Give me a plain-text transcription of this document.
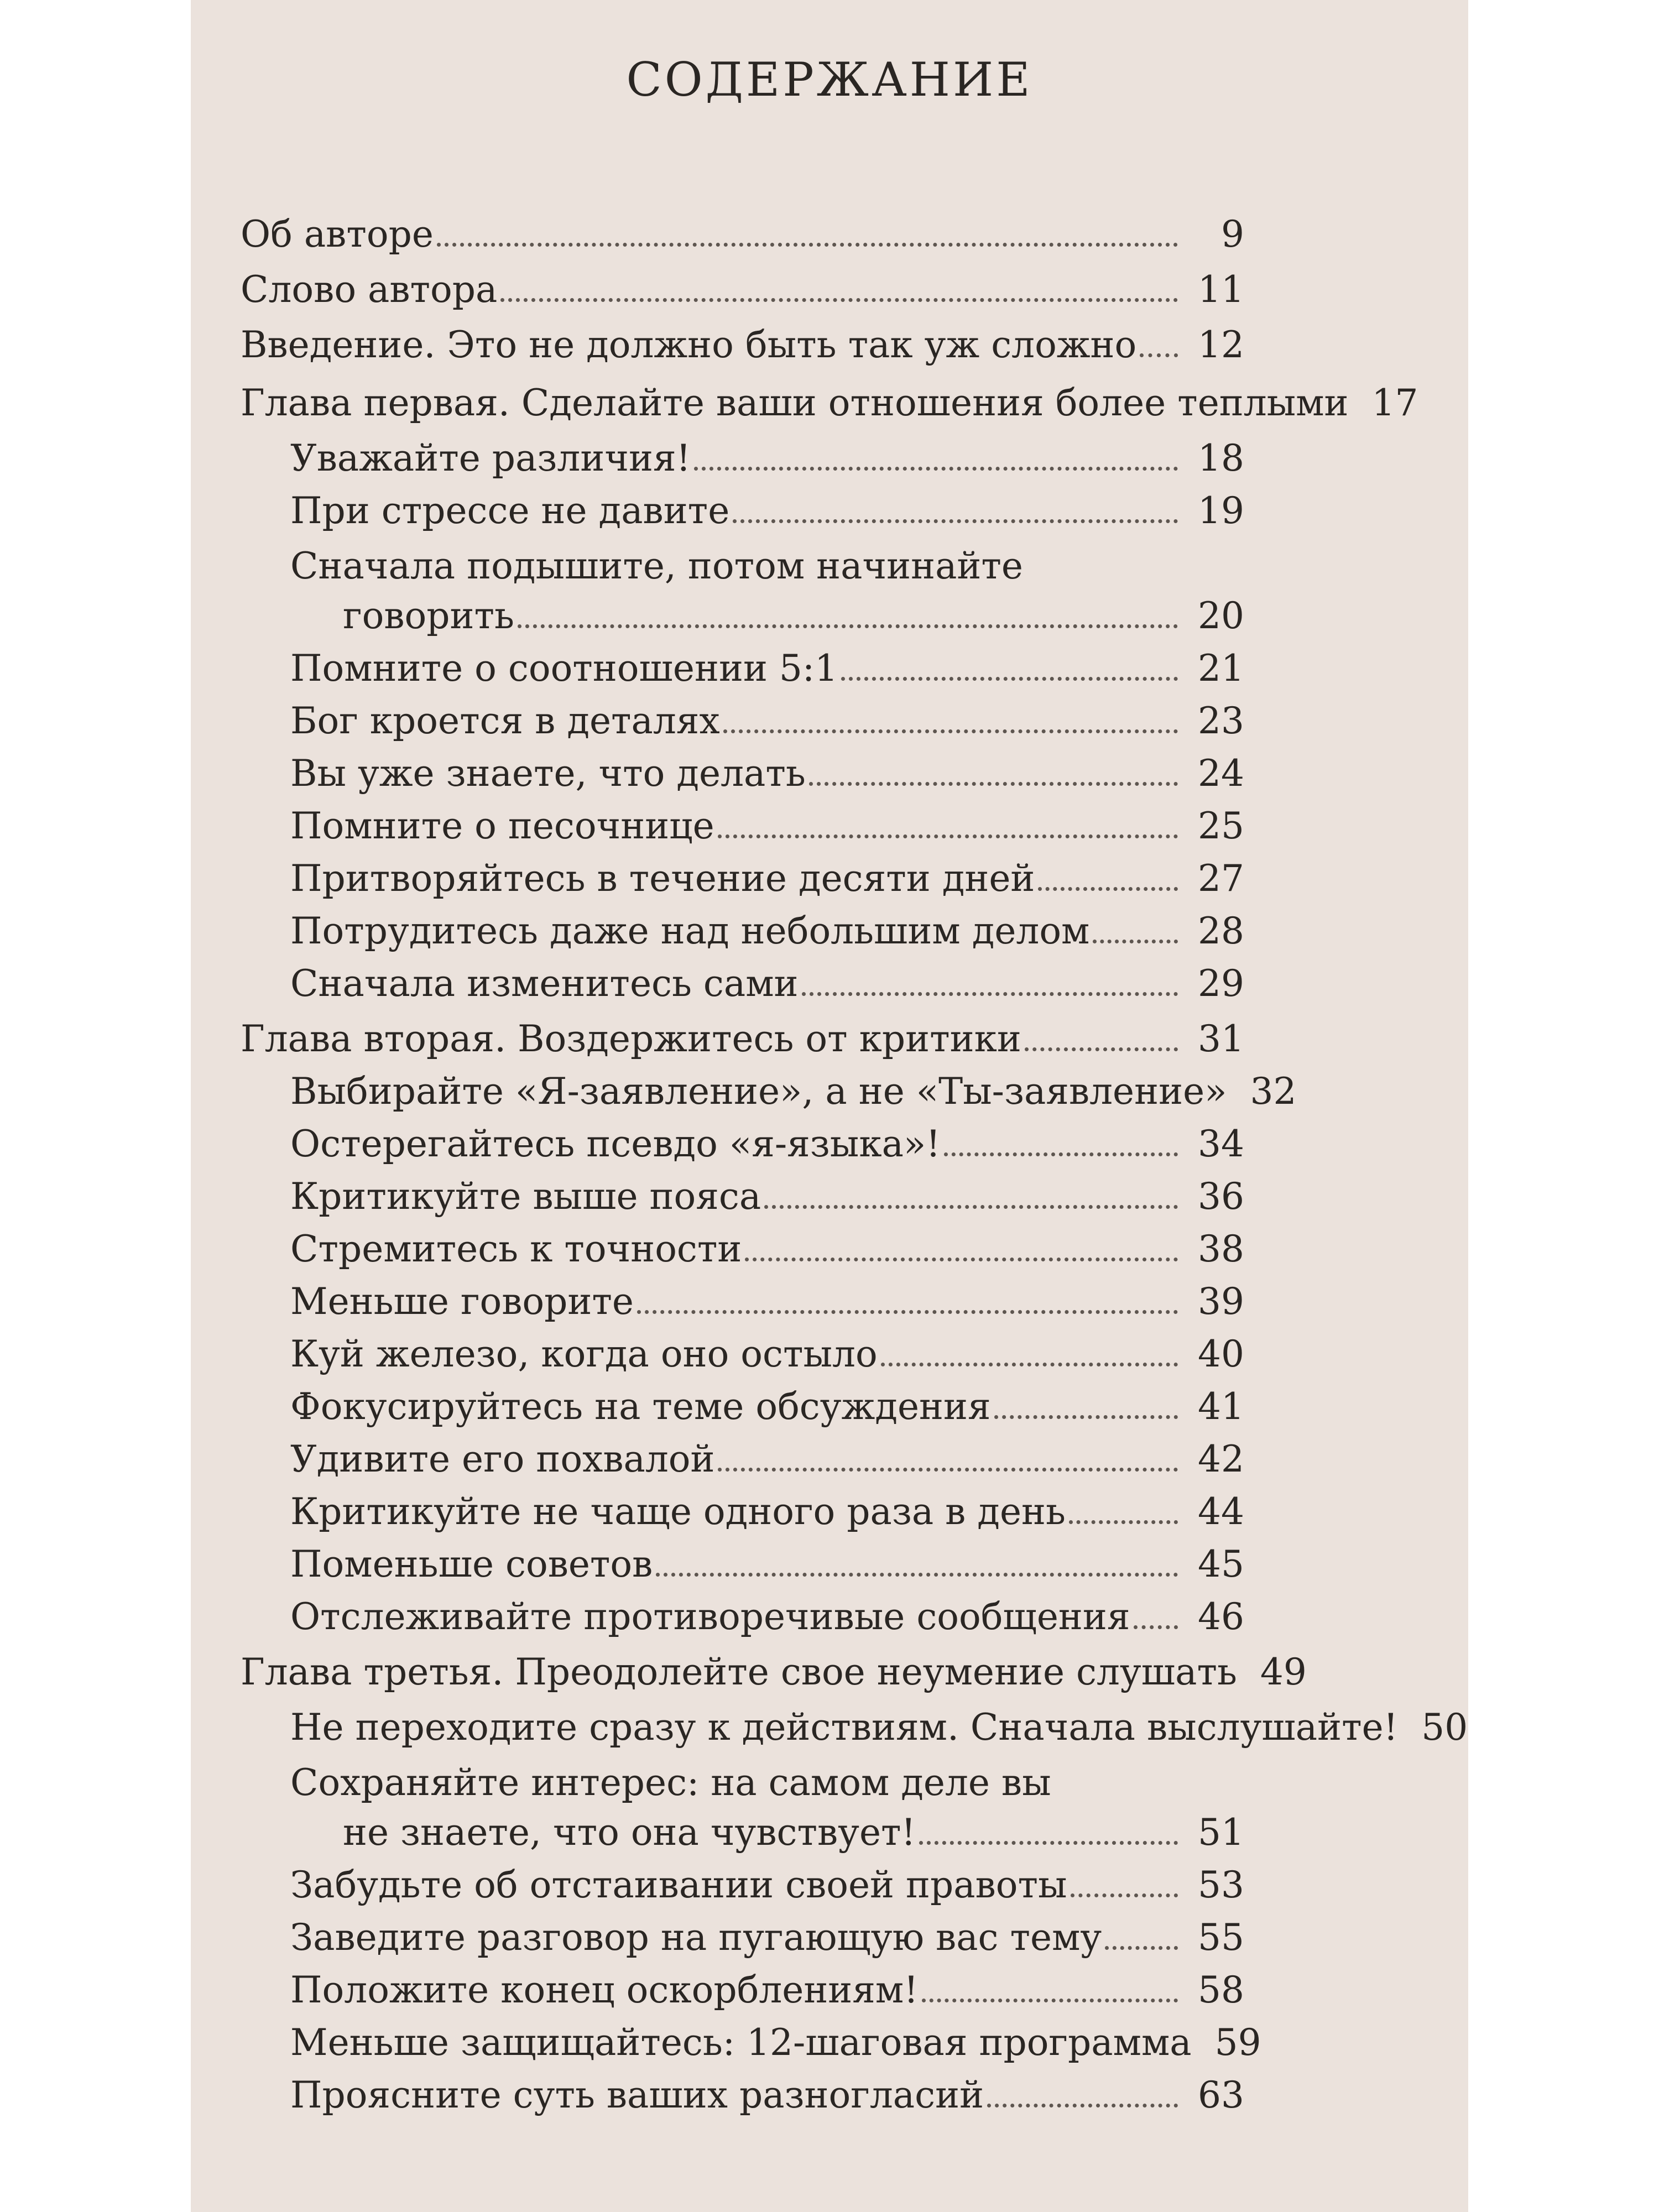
СОДЕРЖАНИЕ
Об авторе	9
Слово автора	11
Введение. Это не должно быть так уж сложно	12
Глава первая. Сделайте ваши отношения более теплыми 17
Уважайте различия!	18
При стрессе не давите	19
Сначала подышите, потом начинайте
говорить	20
Помните о соотношении 5:1	21
Бог кроется в деталях	23
Вы уже знаете, что делать	24
Помните о песочнице	25
Притворяйтесь в течение десяти дней	27
Потрудитесь даже над небольшим делом	28
Сначала изменитесь сами	29
Глава вторая. Воздержитесь от критики	31
Выбирайте «Я-заявление», а не «Ты-заявление» 32
Остерегайтесь псевдо «я-языка»!	34
Критикуйте выше пояса	36
Стремитесь к точности	38
Меньше говорите	39
Куй железо, когда оно остыло	40
Фокусируйтесь на теме обсуждения	41
Удивите его похвалой	42
Критикуйте не чаще одного раза в день	44
Поменьше советов	45
Отслеживайте противоречивые сообщения	46
Глава третья. Преодолейте свое неумение слушать 49
Не переходите сразу к действиям. Сначала выслушайте! 50
Сохраняйте интерес: на самом деле вы
не знаете, что она чувствует!	51
Забудьте об отстаивании своей правоты	53
Заведите разговор на пугающую вас тему	55
Положите конец оскорблениям!	58
Меньше защищайтесь: 12-шаговая программа 59
Проясните суть ваших разногласий	63
